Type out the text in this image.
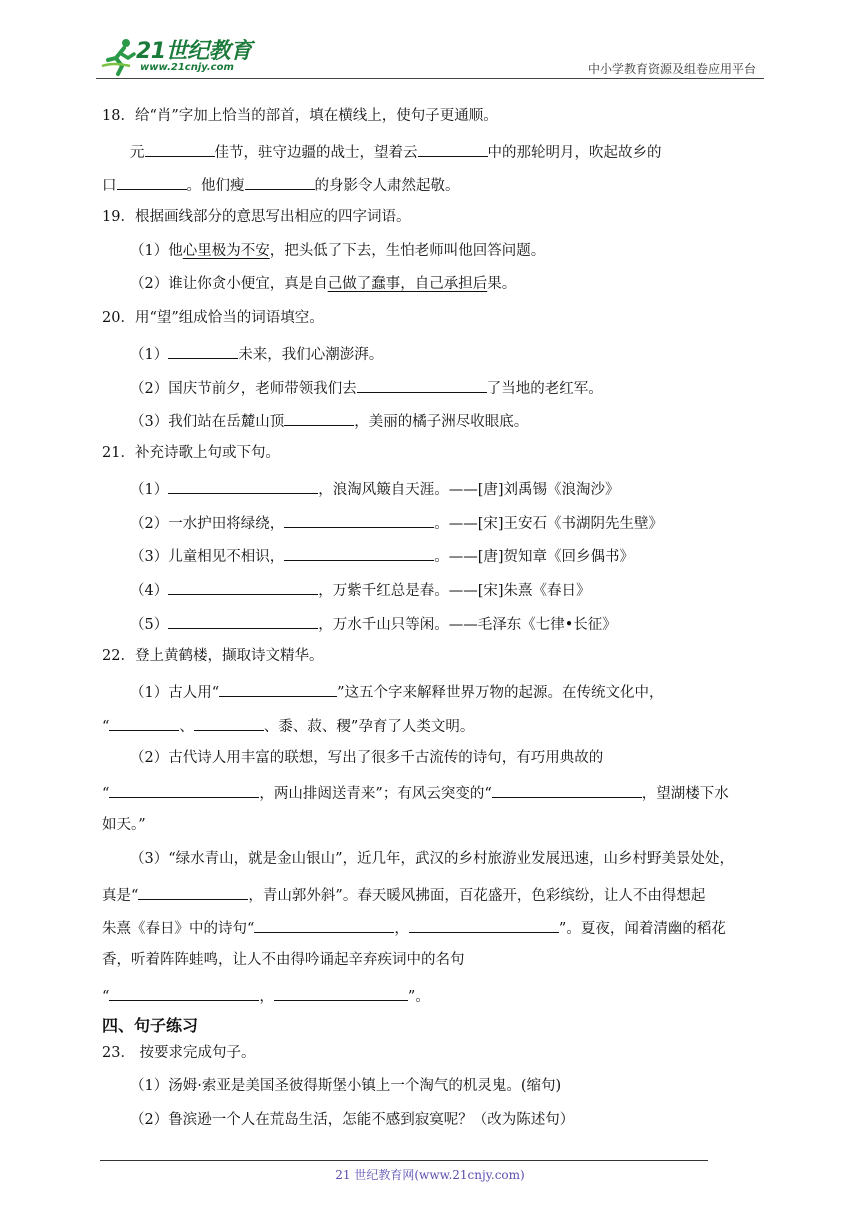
21世纪教育
www.21cnjy.com	中小学教育资源及组卷应用平台
18．给“肖”字加上恰当的部首，填在横线上，使句子更通顺。
元	佳节，驻守边疆的战士，望着云	中的那轮明月，吹起故乡的
口	。他们瘦	的身影令人肃然起敬。
19．根据画线部分的意思写出相应的四字词语。
（1）他心里极为不安，把头低了下去，生怕老师叫他回答问题。
（2）谁让你贪小便宜，真是自己做了蠢事，自己承担后果。
20．用“望”组成恰当的词语填空。
（1）	未来，我们心潮澎湃。
（2）国庆节前夕，老师带领我们去	了当地的老红军。
（3）我们站在岳麓山顶	，美丽的橘子洲尽收眼底。
21．补充诗歌上句或下句。
（1）	，浪淘风簸自天涯。——[唐]刘禹锡《浪淘沙》
（2）一水护田将绿绕，	。——[宋]王安石《书湖阴先生壁》
（3）儿童相见不相识，	。——[唐]贺知章《回乡偶书》
（4）	，万紫千红总是春。——[宋]朱熹《春日》
（5）	，万水千山只等闲。——毛泽东《七律•长征》
22．登上黄鹤楼，撷取诗文精华。
（1）古人用“	”这五个字来解释世界万物的起源。在传统文化中，
“	、	、黍、菽、稷”孕育了人类文明。
（2）古代诗人用丰富的联想，写出了很多千古流传的诗句，有巧用典故的
“	，两山排闼送青来”；有风云突变的“	，望湖楼下水
如天。”
（3）“绿水青山，就是金山银山”，近几年，武汉的乡村旅游业发展迅速，山乡村野美景处处，
真是“	，青山郭外斜”。春天暖风拂面，百花盛开，色彩缤纷，让人不由得想起
朱熹《春日》中的诗句“	，	”。夏夜，闻着清幽的稻花
香，听着阵阵蛙鸣，让人不由得吟诵起辛弃疾词中的名句
“	，	”。
四、句子练习
23． 按要求完成句子。
（1）汤姆·索亚是美国圣彼得斯堡小镇上一个淘气的机灵鬼。(缩句)
（2）鲁滨逊一个人在荒岛生活，怎能不感到寂寞呢？（改为陈述句）
21 世纪教育网(www.21cnjy.com)
